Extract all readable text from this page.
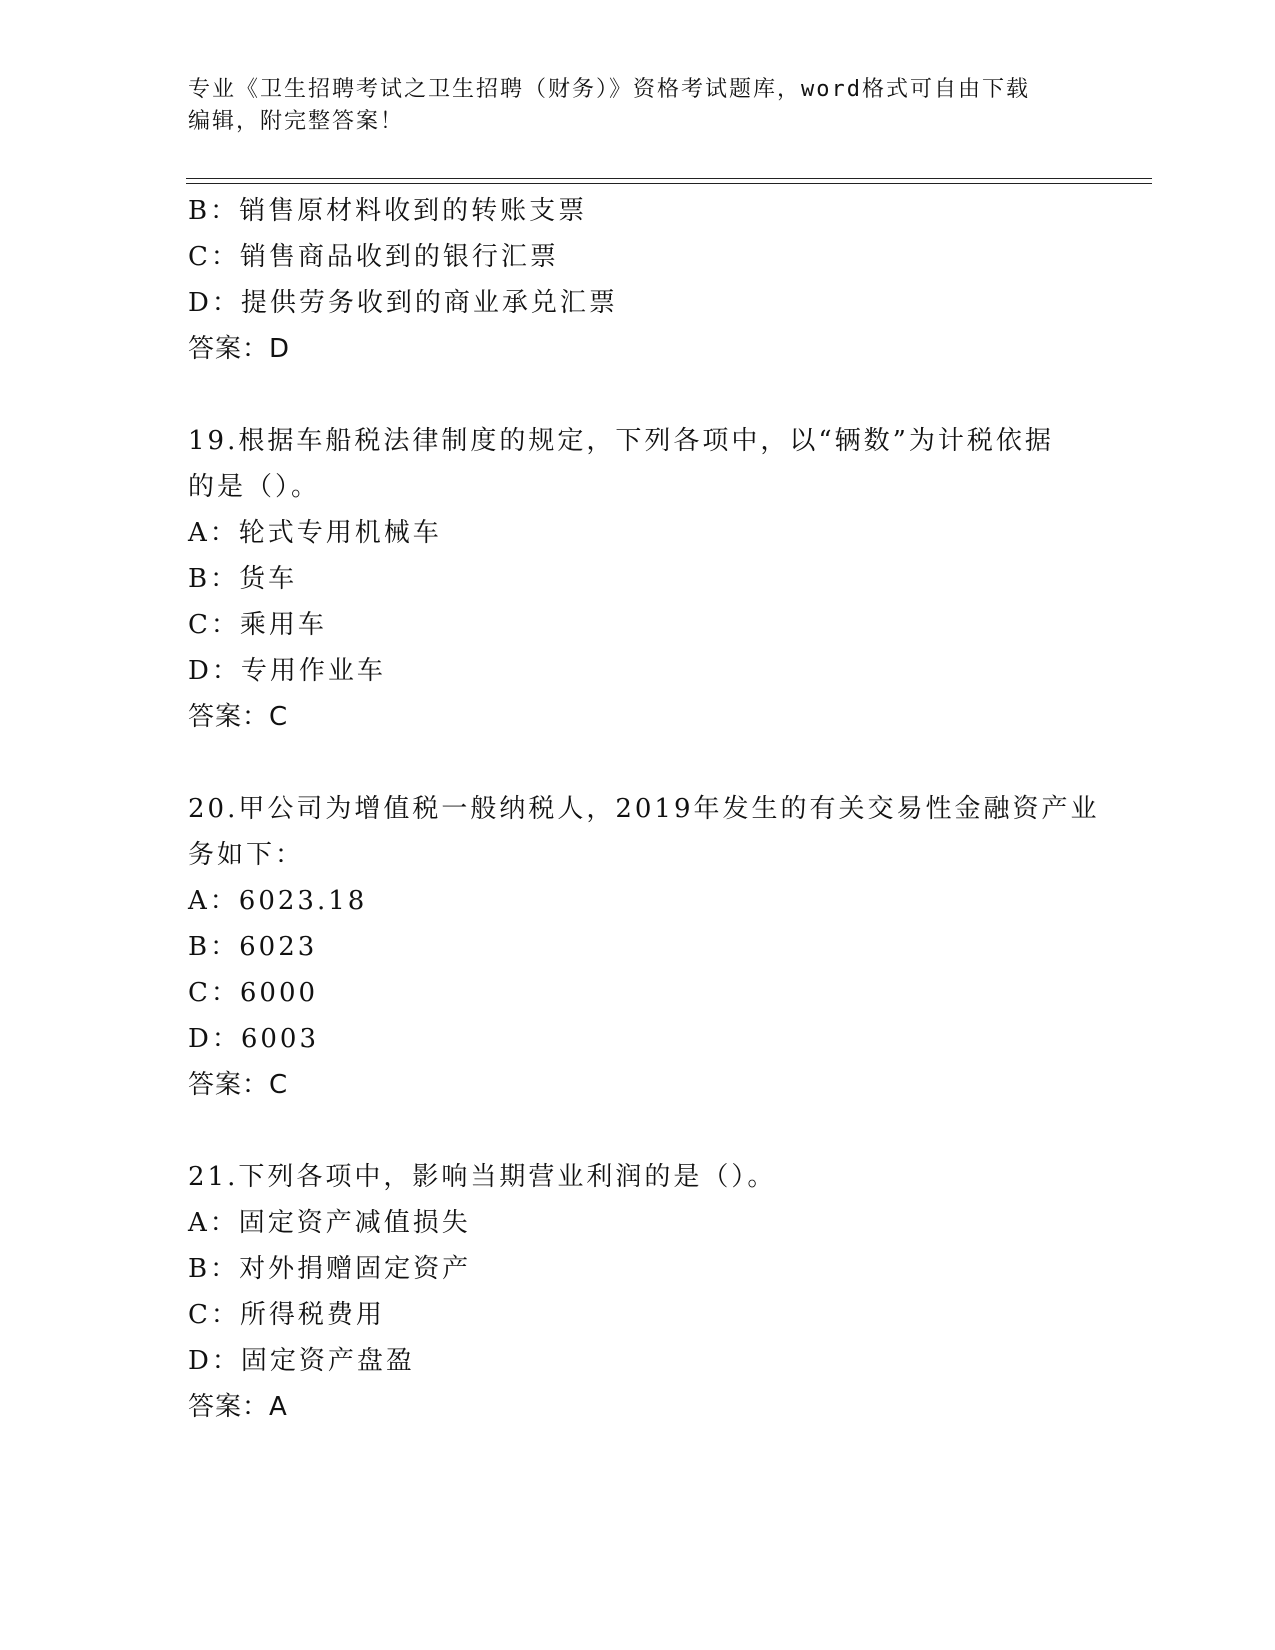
专业《卫生招聘考试之卫生招聘（财务）》资格考试题库，word格式可自由下载
编辑，附完整答案！
B：销售原材料收到的转账支票
C：销售商品收到的银行汇票
D：提供劳务收到的商业承兑汇票
答案：D
19.根据车船税法律制度的规定，下列各项中，以“辆数”为计税依据
的是（）。
A：轮式专用机械车
B：货车
C：乘用车
D：专用作业车
答案：C
20.甲公司为增值税一般纳税人，2019年发生的有关交易性金融资产业
务如下：
A：6023.18
B：6023
C：6000
D：6003
答案：C
21.下列各项中，影响当期营业利润的是（）。
A：固定资产减值损失
B：对外捐赠固定资产
C：所得税费用
D：固定资产盘盈
答案：A
